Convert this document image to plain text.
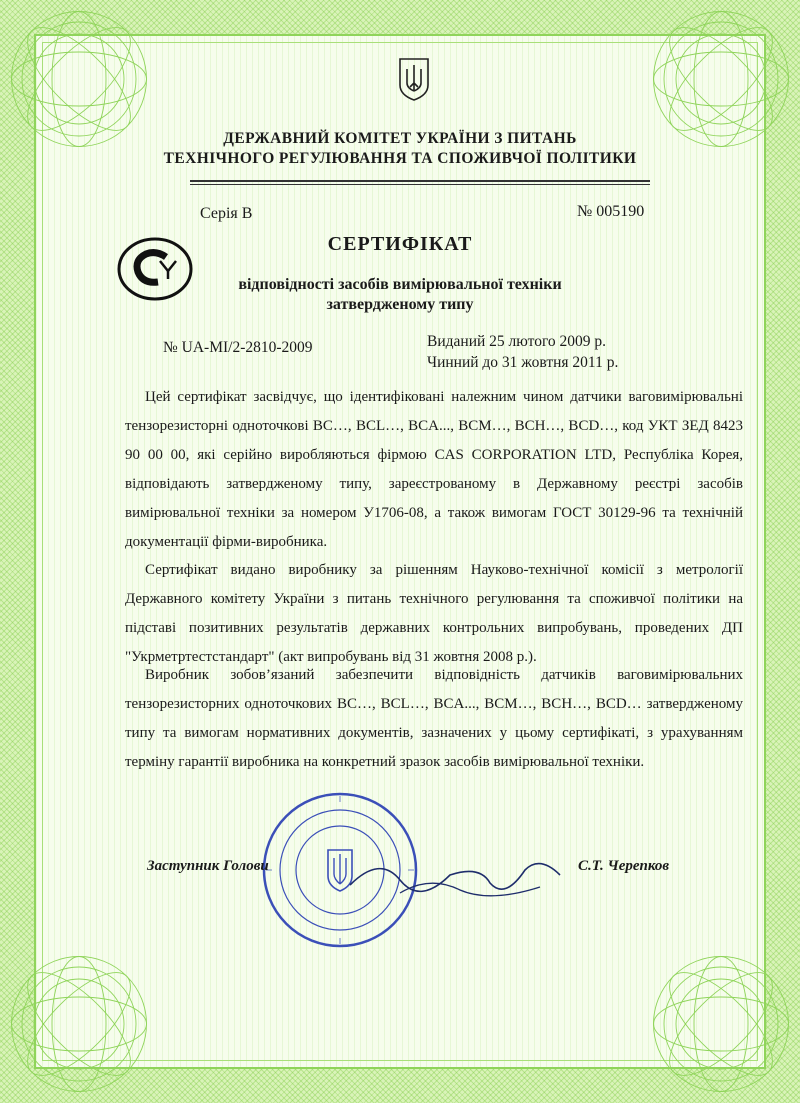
ДЕРЖАВНИЙ КОМІТЕТ УКРАЇНИ З ПИТАНЬ
ТЕХНІЧНОГО РЕГУЛЮВАННЯ ТА СПОЖИВЧОЇ ПОЛІТИКИ
Серія В	№ 005190
СЕРТИФІКАТ
відповідності засобів вимірювальної техніки
затвердженому типу
№ UA-MI/2-2810-2009	Виданий 25 лютого 2009 р.
Чинний до 31 жовтня 2011 р.
Цей сертифікат засвідчує, що ідентифіковані належним чином датчики ваговимірювальні тензорезисторні одноточкові BC…, BCL…, BCA..., BCM…, BCH…, BCD…, код УКТ ЗЕД 8423 90 00 00, які серійно виробляються фірмою CAS CORPORATION LTD, Республіка Корея, відповідають затвердженому типу, зареєстрованому в Державному реєстрі засобів вимірювальної техніки за номером У1706-08, а також вимогам ГОСТ 30129-96 та технічній документації фірми-виробника.
Сертифікат видано виробнику за рішенням Науково-технічної комісії з метрології Державного комітету України з питань технічного регулювання та споживчої політики на підставі позитивних результатів державних контрольних випробувань, проведених ДП "Укрметртестстандарт" (акт випробувань від 31 жовтня 2008 р.).
Виробник зобов’язаний забезпечити відповідність датчиків ваговимірювальних тензорезисторних одноточкових BC…, BCL…, BCA..., BCM…, BCH…, BCD… затвердженому типу та вимогам нормативних документів, зазначених у цьому сертифікаті, з урахуванням терміну гарантії виробника на конкретний зразок засобів вимірювальної техніки.
Заступник Голови	С.Т. Черепков
